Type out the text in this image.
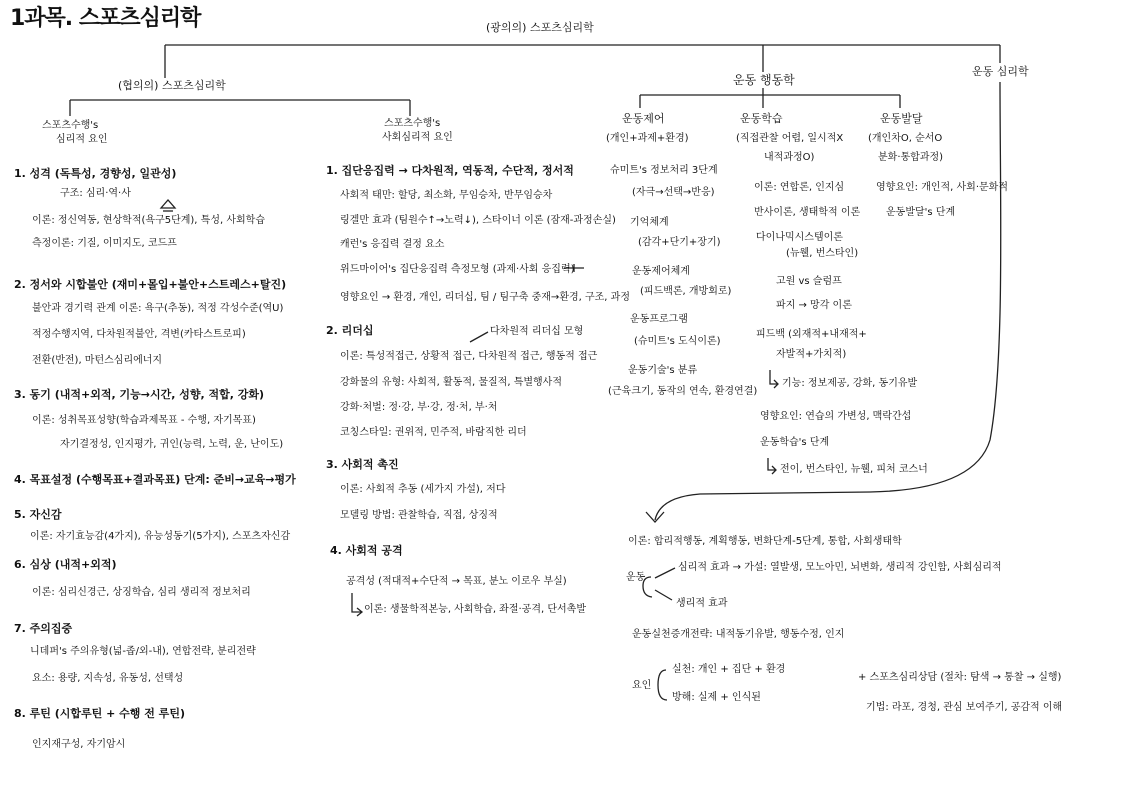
1과목. 스포츠심리학	(광의의) 스포츠심리학
(협의의) 스포츠심리학	운동 행동학
운동 심리학
스포츠수행's
심리적 요인
스포츠수행's
사회심리적 요인
1. 성격 (독특성, 경향성, 일관성)
구조: 심리·역·사
이론: 정신역동, 현상학적(욕구5단계), 특성, 사회학습
측정이론: 기질, 이미지도, 코드프
2. 정서와 시합불안 (재미+몰입+불안+스트레스+탈진)
불안과 경기력 관계 이론: 욕구(추동), 적정 각성수준(역U)
적정수행지역, 다차원적불안, 격변(카타스트로피)
전환(반전), 마턴스심리에너지
3. 동기 (내적+외적, 기능→시간, 성향, 적합, 강화)
이론: 성취목표성향(학습과제목표 - 수행, 자기목표)
자기결정성, 인지평가, 귀인(능력, 노력, 운, 난이도)
4. 목표설정 (수행목표+결과목표) 단계: 준비→교육→평가
5. 자신감
이론: 자기효능감(4가지), 유능성동기(5가지), 스포츠자신감
6. 심상 (내적+외적)
이론: 심리신경근, 상징학습, 심리 생리적 정보처리
7. 주의집중
니데퍼's 주의유형(넓-좁/외-내), 연합전략, 분리전략
요소: 용량, 지속성, 유동성, 선택성
8. 루틴 (시합루틴 + 수행 전 루틴)
인지재구성, 자기암시
1. 집단응집력 → 다차원적, 역동적, 수단적, 정서적
사회적 태만: 할당, 최소화, 무임승차, 반무임승차
링겔만 효과 (팀원수↑→노력↓), 스타이너 이론 (잠재-과정손실)
캐런's 응집력 결정 요소
위드마이어's 집단응집력 측정모형 (과제·사회 응집력)
영향요인 → 환경, 개인, 리더십, 팀 / 팀구축 중재→환경, 구조, 과정
2. 리더십	다차원적 리더십 모형
이론: 특성적접근, 상황적 접근, 다차원적 접근, 행동적 접근
강화물의 유형: 사회적, 활동적, 물질적, 특별행사적
강화·처벌: 정·강, 부·강, 정·처, 부·처
코칭스타일: 권위적, 민주적, 바람직한 리더
3. 사회적 촉진
이론: 사회적 추동 (세가지 가설), 저다
모델링 방법: 관찰학습, 직접, 상징적
4. 사회적 공격
공격성 (적대적+수단적 → 목표, 분노 이로우 부실)
이론: 생물학적본능, 사회학습, 좌절·공격, 단서촉발
운동제어
(개인+과제+환경)
슈미트's 정보처리 3단계
(자극→선택→반응)
기억체계
(감각+단기+장기)
운동제어체계
(피드백론, 개방회로)
운동프로그램
(슈미트's 도식이론)
운동기술's 분류
(근육크기, 동작의 연속, 환경연결)
운동학습
(직접관찰 어렵, 일시적X
내적과정O)
이론: 연합론, 인지심
반사이론, 생태학적 이론
다이나믹시스템이론
(뉴웰, 번스타인)
고원 vs 슬럼프
파지 → 망각 이론
피드백 (외재적+내재적+
자발적+가치적)
기능: 정보제공, 강화, 동기유발
영향요인: 연습의 가변성, 맥락간섭
운동학습's 단계
전이, 번스타인, 뉴웰, 피처 코스너
운동발달
(개인차O, 순서O
분화·통합과정)
영향요인: 개인적, 사회·문화적
운동발달's 단계
이론: 합리적행동, 계획행동, 변화단계-5단계, 통합, 사회생태학
운동
심리적 효과 → 가설: 열발생, 모노아민, 뇌변화, 생리적 강인함, 사회심리적
생리적 효과
운동실천증개전략: 내적동기유발, 행동수정, 인지
요인
실천: 개인 + 집단 + 환경
방해: 실제 + 인식된
+ 스포츠심리상담 (절차: 탐색 → 통찰 → 실행)
기법: 라포, 경청, 관심 보여주기, 공감적 이해
